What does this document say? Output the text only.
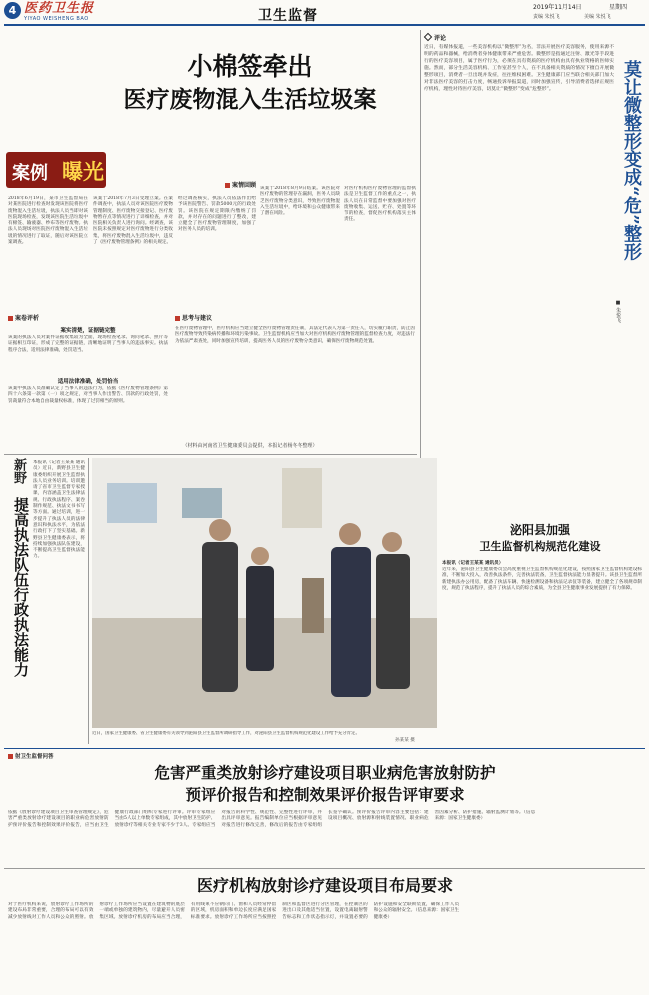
4 医药卫生报
YIYAO WEISHENG BAO	卫生监督
2019年11月14日	星期四
责编 朱悦飞	美编 朱悦飞
小棉签牵出
医疗废物混入生活垃圾案
案例 曝光
案情回顾
2018年6月19日，某市卫生监督局在对某医院进行检查时发现该医院将医疗废物混入生活垃圾，执法人员当即对该医院现场检查，发现该医院生活垃圾中有棉签、输液器、纱布等医疗废物。执法人员现场对医院医疗废物混入生活垃圾的情况进行了取证，随后对该医院立案调查。
该案于2018年7月3日受理立案。在案件调查中，执法人员对该医院医疗废物管理制度、医疗废物交接登记、医疗废物暂存点等情况进行了详细检查，并对医院相关负责人进行询问。经调查，该医院未按照规定对医疗废物进行分类收集，将医疗废物混入生活垃圾中，违反了《医疗废物管理条例》的相关规定。
经过调查核实，执法人员依法作出给予该医院警告、罚款5000元的行政处罚。该医院在规定期限内缴纳了罚款，并对存在的问题进行了整改，建立健全了医疗废物管理制度，加强了对医务人员的培训。
该案于2018年8月9日结案。该医院对医疗废物的管理存在漏洞，医务人员缺乏医疗废物分类意识，导致医疗废物混入生活垃圾中，给环境和公众健康带来了潜在风险。
对医疗机构医疗废物管理的监督执法是卫生监督工作的重点之一，执法人员在日常监督中要加强对医疗废物收集、运送、贮存、处置等环节的检查，督促医疗机构落实主体责任。
案卷评析
案实清楚，证据链完整
该案的执法人员对案件证据收集较为全面，现场检查笔录、询问笔录、照片等证据相互印证，形成了完整的证据链，清晰地证明了当事人的违法事实。执法程序合法，适用法律准确，处罚适当。
适用法律准确，处罚恰当
该案中执法人员准确认定了当事人的违法行为，依据《医疗废物管理条例》第四十六条第一款第（一）项之规定，对当事人作出警告、罚款的行政处罚，处罚裁量符合本地自由裁量权标准，体现了过罚相当的原则。
思考与建议
在医疗废物管理中，医疗机构应当建立健全医疗废物管理责任制，其法定代表人为第一责任人，切实履行职责，防止因医疗废物导致传染病传播和环境污染事故。卫生监督机构应当加大对医疗机构医疗废物管理的监督检查力度，对违法行为依法严肃查处，同时加强宣传培训，提高医务人员的医疗废物分类意识，确保医疗废物规范处置。
（材料由河南省卫生健康委员会提供，本报记者杨冬冬整理）
评论
近日，有媒体报道，一些美容机构以“微整形”为名，非法开展医疗美容服务，使用来源不明的药品和器械，给消费者身体健康带来严重危害。微整形是指通过注射、激光等手段进行的医疗美容项目，属于医疗行为，必须在具有资质的医疗机构由具有执业资格的医师实施。然而，部分生活美容机构、工作室甚至个人，在不具备相关资质的情况下擅自开展微整形项目，消费者一旦出现并发症，往往维权困难。卫生健康部门应当联合相关部门加大对非法医疗美容的打击力度，畅通投诉举报渠道，同时加强宣传，引导消费者选择正规医疗机构，理性对待医疗美容，切莫让“微整形”变成“危整形”。	莫让微整形变成“危”整形
■ 朱悦飞
新野
提高执法队伍行政执法能力
本报讯（记者王某某 通讯员）近日，新野县卫生健康委组织开展卫生监督执法人员业务培训。培训邀请了省市卫生监督专家授课，内容涵盖卫生法律法规、行政执法程序、案卷制作规范、执法文书书写等方面。通过培训，进一步提升了执法人员的法律意识和执法水平，为依法行政打下了坚实基础。新野县卫生健康委表示，将持续加强执法队伍建设，不断提高卫生监督执法能力。
近日，国家卫生健康委、省卫生健康委有关领导到泌阳县卫生监督所调研指导工作，对泌阳县卫生监督机构规范化建设工作给予充分肯定。
孙某某 摄
泌阳县加强
卫生监督机构规范化建设
本报讯（记者王某某 通讯员）
近年来，泌阳县卫生健康委员会高度重视卫生监督机构规范化建设，按照国家卫生监督机构建设标准，不断加大投入，改善执法条件，完善执法装备，卫生监督执法能力显著提升。该县卫生监督所新建执法办公用房，配备了执法车辆、快速检测设备和执法记录仪等装备，建立健全了各项规章制度，规范了执法程序，提升了执法人员的综合素质，为全县卫生健康事业发展提供了有力保障。
射卫生监督问答
危害严重类放射诊疗建设项目职业病危害放射防护
预评价报告和控制效果评价报告评审要求
依据《放射诊疗建设项目卫生审查管理规定》，危害严重类放射诊疗建设项目的职业病危害放射防护预评价报告和控制效果评价报告，应当由卫生健康行政部门组织专家进行评审。评审专家组应当由5人以上单数专家组成，其中放射卫生防护、放射诊疗等相关专业专家不少于3人。专家组应当对报告的科学性、规范性、完整性进行评审，并出具评审意见。报告编制单位应当根据评审意见对报告进行修改完善，修改后的报告由专家组组长签字确认。预评价报告评审内容主要包括：建设项目概况、放射源和射线装置情况、职业病危害因素分析、防护措施、辐射监测计划等。（信息来源：国家卫生健康委）
医疗机构放射诊疗建设项目布局要求
对于医疗机构来说，放射诊疗工作场所的建设布局非常重要，合理的布局可以有效减少放射线对工作人员和公众的照射。放射诊疗工作场所应当设置在建筑物的底层一端或单独的建筑物内，尽量避开人员密集区域。放射诊疗机房的布局应当合理，有用线束不应朝向门、窗和人员经常停留的区域，机房面积和单边长度应满足国家标准要求。放射诊疗工作场所应当按照控制区和监督区进行分区管理，在控制区的进出口及其他适当位置，设置电离辐射警告标志和工作状态指示灯，并设置必要的防护设施和安全联锁装置，确保工作人员和公众的辐射安全。（信息来源：国家卫生健康委）
